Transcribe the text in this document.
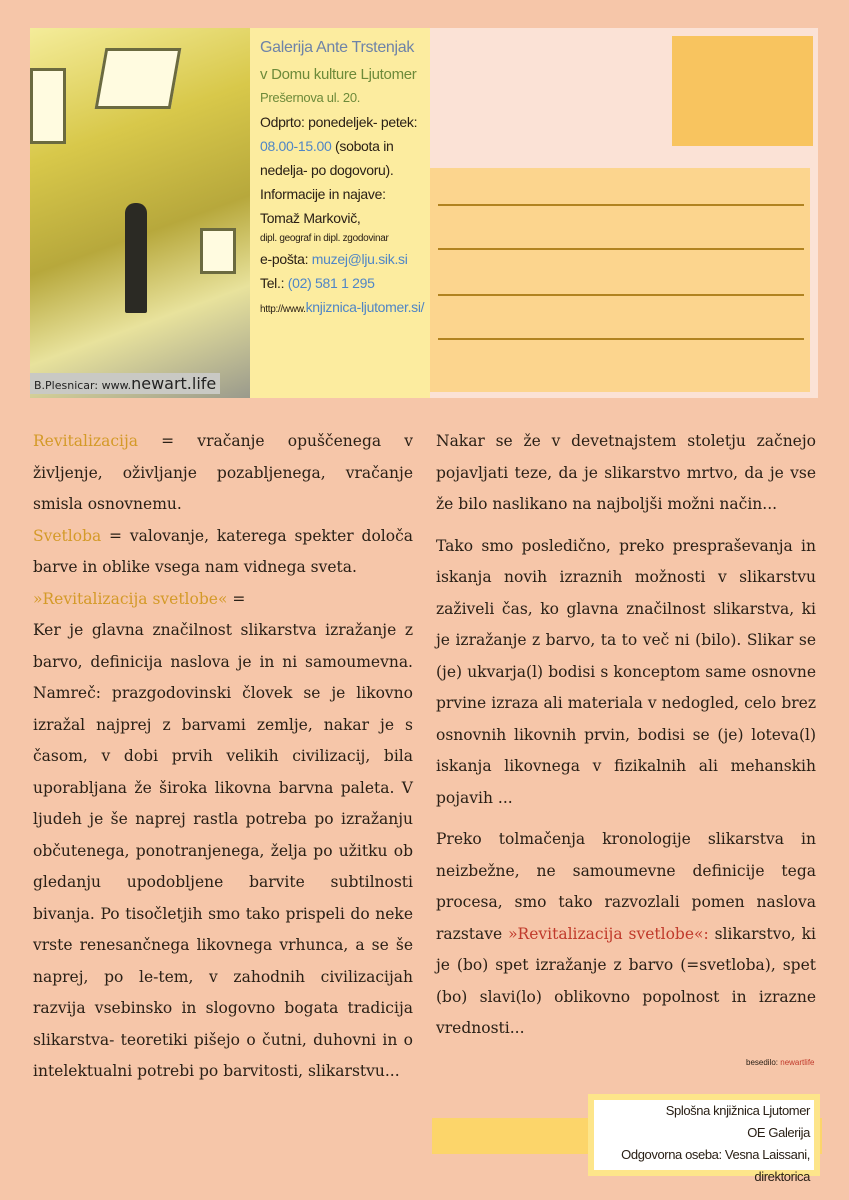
B.Plesnicar: www.newart.life
Galerija Ante Trstenjak
v Domu kulture Ljutomer
Prešernova ul. 20.
Odprto: ponedeljek- petek:
08.00-15.00 (sobota in
nedelja- po dogovoru).
Informacije in najave:
Tomaž Markovič,
dipl. geograf in dipl. zgodovinar
e-pošta: muzej@lju.sik.si
Tel.: (02) 581 1 295
http://www.knjiznica-ljutomer.si/
Revitalizacija = vračanje opuščenega v življenje, oživljanje pozabljenega, vračanje smisla osnovnemu.
Svetloba = valovanje, katerega spekter določa barve in oblike vsega nam vidnega sveta.
»Revitalizacija svetlobe« =
Ker je glavna značilnost slikarstva izražanje z barvo, definicija naslova je in ni samoumevna. Namreč: prazgodovinski človek se je likovno izražal najprej z barvami zemlje, nakar je s časom, v dobi prvih velikih civilizacij, bila uporabljana že široka likovna barvna paleta. V ljudeh je še naprej rastla potreba po izražanju občutenega, ponotranjenega, želja po užitku ob gledanju upodobljene barvite subtilnosti bivanja. Po tisočletjih smo tako prispeli do neke vrste renesančnega likovnega vrhunca, a se še naprej, po le-tem, v zahodnih civilizacijah razvija vsebinsko in slogovno bogata tradicija slikarstva- teoretiki pišejo o čutni, duhovni in o intelektualni potrebi po barvitosti, slikarstvu...

Nakar se že v devetnajstem stoletju začnejo pojavljati teze, da je slikarstvo mrtvo, da je vse že bilo naslikano na najboljši možni način...

Tako smo posledično, preko prespraševanja in iskanja novih izraznih možnosti v slikarstvu zaživeli čas, ko glavna značilnost slikarstva, ki je izražanje z barvo, ta to več ni (bilo). Slikar se (je) ukvarja(l) bodisi s konceptom same osnovne prvine izraza ali materiala v nedogled, celo brez osnovnih likovnih prvin, bodisi se (je) loteva(l) iskanja likovnega v fizikalnih ali mehanskih pojavih ...

Preko tolmačenja kronologije slikarstva in neizbežne, ne samoumevne definicije tega procesa, smo tako razvozlali pomen naslova razstave »Revitalizacija svetlobe«: slikarstvo, ki je (bo) spet izražanje z barvo (=svetloba), spet (bo) slavi(lo) oblikovno popolnost in izrazne vrednosti...

besedilo: newartlife
Splošna knjižnica Ljutomer
OE Galerija
Odgovorna oseba: Vesna Laissani, direktorica
